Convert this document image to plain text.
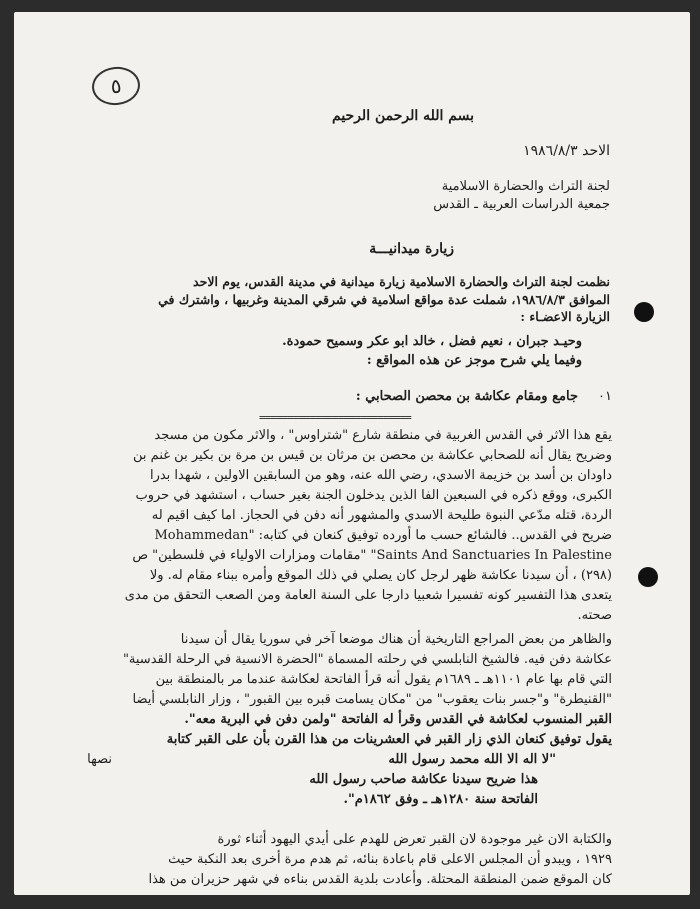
٥
بسم الله الرحمن الرحيم
الاحد ١٩٨٦/٨/٣
لجنة التراث والحضارة الاسلامية
جمعية الدراسات العربية ـ القدس
زيارة ميدانيـــة
نظمت لجنة التراث والحضارة الاسلامية زيارة ميدانية في مدينة القدس، يوم الاحد
الموافق ١٩٨٦/٨/٣، شملت عدة مواقع اسلامية في شرقي المدينة وغربيها ، واشترك في
الزيارة الاعضـاء :
وحيـد جبران ، نعيم فضل ، خالد ابو عكر وسميح حمودة.
وفيما يلي شرح موجز عن هذه المواقع :
٠١
جامع ومقام عكاشة بن محصن الصحابي :
===========================
يقع هذا الاثر في القدس الغربية في منطقة شارع "شتراوس" ، والاثر مكون من مسجد
وضريح يقال أنه للصحابي عكاشة بن محصن بن مرثان بن قيس بن مرة بن بكير بن غنم بن
داودان بن أسد بن خزيمة الاسدي، رضي الله عنه، وهو من السابقين الاولين ، شهدا بدرا
الكبرى، ووقع ذكره في السبعين الفا الذين يدخلون الجنة بغير حساب ، استشهد في حروب
الردة، قتله مدّعي النبوة طليحة الاسدي والمشهور أنه دفن في الحجاز. اما كيف اقيم له
ضريح في القدس.. فالشائع حسب ما أورده توفيق كنعان في كتابه: "Mohammedan
Saints And Sanctuaries In Palestine" "مقامات ومزارات الاولياء في فلسطين" ص
(٢٩٨) ، أن سيدنا عكاشة ظهر لرجل كان يصلي في ذلك الموقع وأمره ببناء مقام له. ولا
يتعدى هذا التفسير كونه تفسيرا شعبيا دارجا على السنة العامة ومن الصعب التحقق من مدى
صحته.
والظاهر من بعض المراجع التاريخية أن هناك موضعا آخر في سوريا يقال أن سيدنا
عكاشة دفن فيه. فالشيخ النابلسي في رحلته المسماة "الحضرة الانسية في الرحلة القدسية"
التي قام بها عام ١١٠١هـ ـ ١٦٨٩م يقول أنه قرأ الفاتحة لعكاشة عندما مر بالمنطقة بين
"القنيطرة" و"جسر بنات يعقوب" من "مكان يسامت قبره بين القبور" ، وزار النابلسي أيضا
القبر المنسوب لعكاشة في القدس وقرأ له الفاتحة "ولمن دفن في البرية معه".
يقول توفيق كنعان الذي زار القبر في العشرينات من هذا القرن بأن على القبر كتابة
نصها	"لا اله الا الله محمد رسول الله
هذا ضريح سيدنا عكاشة صاحب رسول الله
الفاتحة سنة ١٢٨٠هـ ـ وفق ١٨٦٢م".
والكتابة الان غير موجودة لان القبر تعرض للهدم على أيدي اليهود أثناء ثورة
١٩٢٩ ، ويبدو أن المجلس الاعلى قام باعادة بنائه، ثم هدم مرة أخرى بعد النكبة حيث
كان الموقع ضمن المنطقة المحتلة. وأعادت بلدية القدس بناءه في شهر حزيران من هذا
